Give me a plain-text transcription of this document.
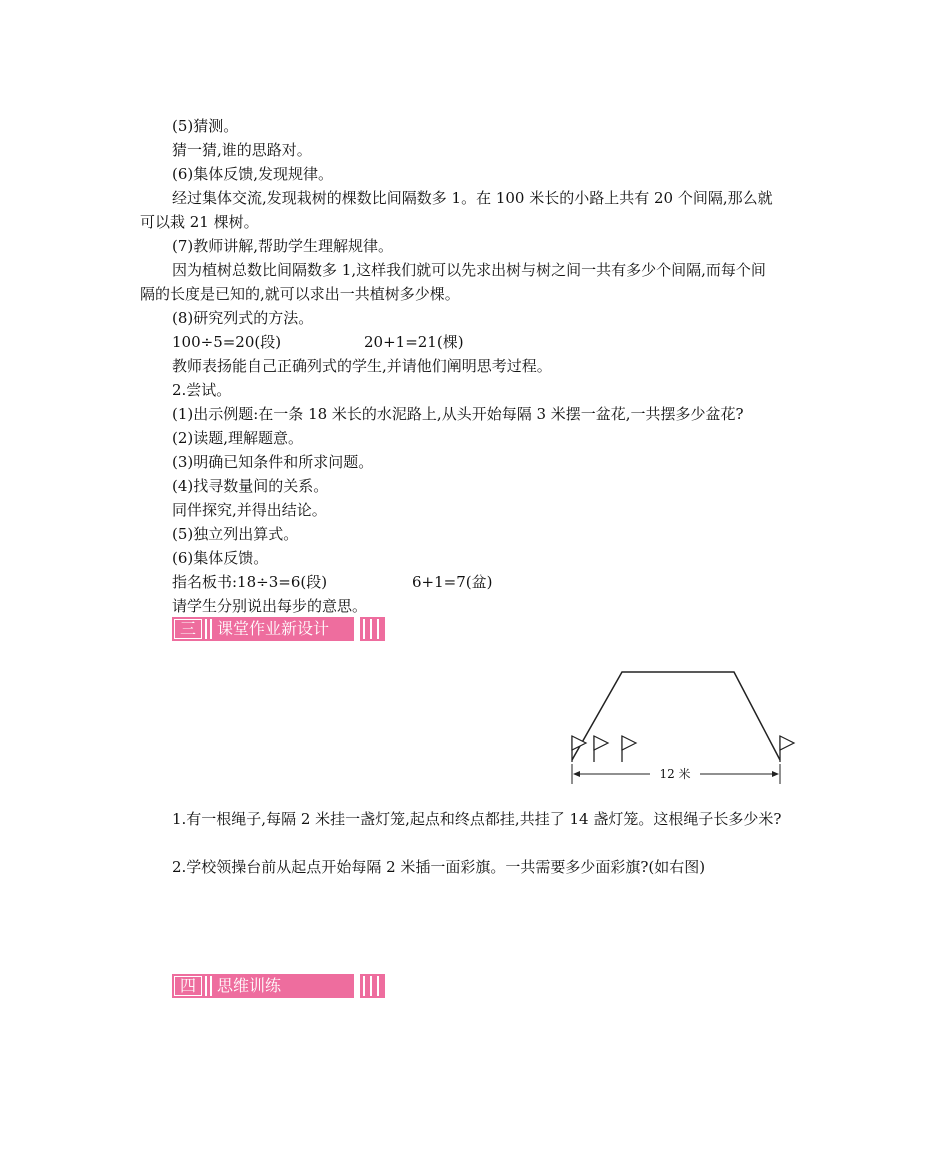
(5)猜测。
猜一猜,谁的思路对。
(6)集体反馈,发现规律。
经过集体交流,发现栽树的棵数比间隔数多 1。在 100 米长的小路上共有 20 个间隔,那么就
可以栽 21 棵树。
(7)教师讲解,帮助学生理解规律。
因为植树总数比间隔数多 1,这样我们就可以先求出树与树之间一共有多少个间隔,而每个间
隔的长度是已知的,就可以求出一共植树多少棵。
(8)研究列式的方法。
100÷5=20(段)	20+1=21(棵)
教师表扬能自己正确列式的学生,并请他们阐明思考过程。
2.尝试。
(1)出示例题:在一条 18 米长的水泥路上,从头开始每隔 3 米摆一盆花,一共摆多少盆花?
(2)读题,理解题意。
(3)明确已知条件和所求问题。
(4)找寻数量间的关系。
同伴探究,并得出结论。
(5)独立列出算式。
(6)集体反馈。
指名板书:18÷3=6(段)	6+1=7(盆)
请学生分别说出每步的意思。
三	课堂作业新设计
12 米
1.有一根绳子,每隔 2 米挂一盏灯笼,起点和终点都挂,共挂了 14 盏灯笼。这根绳子长多少米?
2.学校领操台前从起点开始每隔 2 米插一面彩旗。一共需要多少面彩旗?(如右图)
四	思维训练
